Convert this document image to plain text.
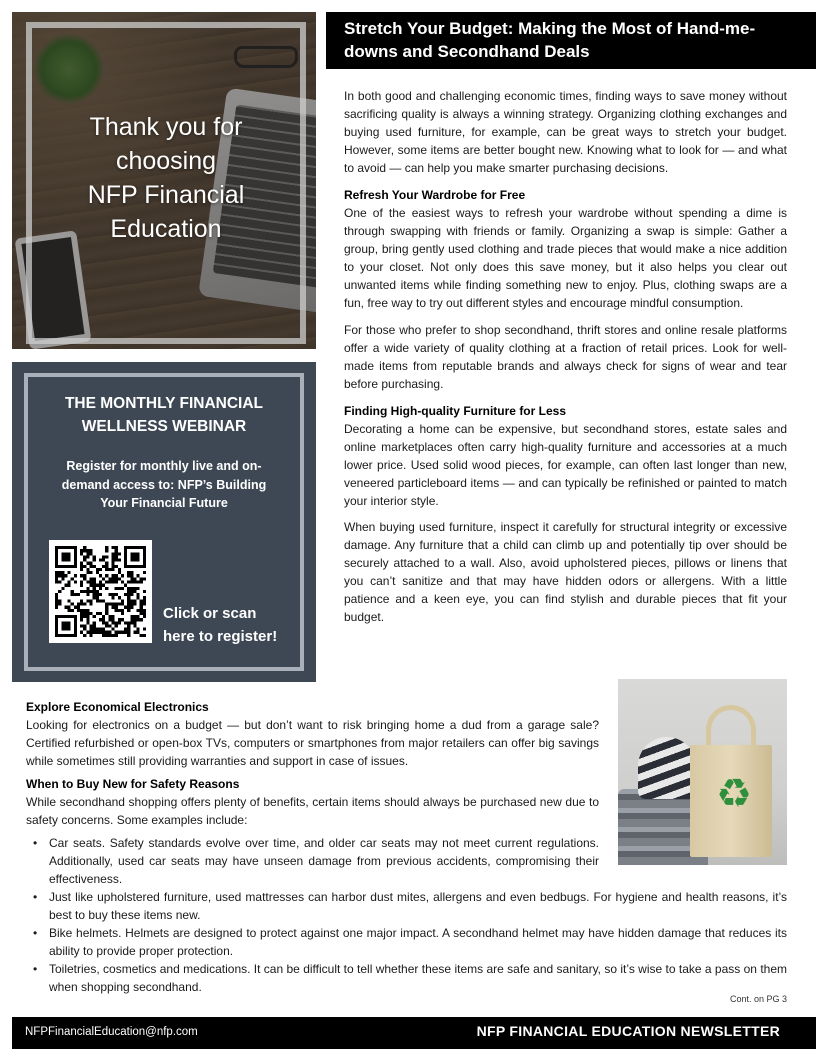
Thank you for
choosing
NFP Financial
Education
THE MONTHLY FINANCIAL
WELLNESS WEBINAR
Register for monthly live and on-
demand access to: NFP’s Building
Your Financial Future
Click or scan
here to register!
Stretch Your Budget: Making the Most of Hand-me-downs and Secondhand Deals

In both good and challenging economic times, finding ways to save money without sacrificing quality is always a winning strategy. Organizing clothing exchanges and buying used furniture, for example, can be great ways to stretch your budget. However, some items are better bought new. Knowing what to look for — and what to avoid — can help you make smarter purchasing decisions.

Refresh Your Wardrobe for Free

One of the easiest ways to refresh your wardrobe without spending a dime is through swapping with friends or family. Organizing a swap is simple: Gather a group, bring gently used clothing and trade pieces that would make a nice addition to your closet. Not only does this save money, but it also helps you clear out unwanted items while finding something new to enjoy. Plus, clothing swaps are a fun, free way to try out different styles and encourage mindful consumption.

For those who prefer to shop secondhand, thrift stores and online resale platforms offer a wide variety of quality clothing at a fraction of retail prices. Look for well-made items from reputable brands and always check for signs of wear and tear before purchasing.

Finding High-quality Furniture for Less

Decorating a home can be expensive, but secondhand stores, estate sales and online marketplaces often carry high-quality furniture and accessories at a much lower price. Used solid wood pieces, for example, can often last longer than new, veneered particleboard items — and can typically be refinished or painted to match your interior style.

When buying used furniture, inspect it carefully for structural integrity or excessive damage. Any furniture that a child can climb up and potentially tip over should be securely attached to a wall. Also, avoid upholstered pieces, pillows or linens that you can’t sanitize and that may have hidden odors or allergens. With a little patience and a keen eye, you can find stylish and durable pieces that fit your budget.

♻
Explore Economical Electronics

Looking for electronics on a budget — but don’t want to risk bringing home a dud from a garage sale? Certified refurbished or open-box TVs, computers or smartphones from major retailers can offer big savings while sometimes still providing warranties and support in case of issues.

When to Buy New for Safety Reasons

While secondhand shopping offers plenty of benefits, certain items should always be purchased new due to safety concerns. Some examples include:

• Car seats. Safety standards evolve over time, and older car seats may not meet current regulations. Additionally, used car seats may have unseen damage from previous accidents, compromising their effectiveness.
• Just like upholstered furniture, used mattresses can harbor dust mites, allergens and even bedbugs. For hygiene and health reasons, it’s best to buy these items new.
• Bike helmets. Helmets are designed to protect against one major impact. A secondhand helmet may have hidden damage that reduces its ability to provide proper protection.
• Toiletries, cosmetics and medications. It can be difficult to tell whether these items are safe and sanitary, so it’s wise to take a pass on them when shopping secondhand.
Cont. on PG 3
NFPFinancialEducation@nfp.com	NFP FINANCIAL EDUCATION NEWSLETTER
